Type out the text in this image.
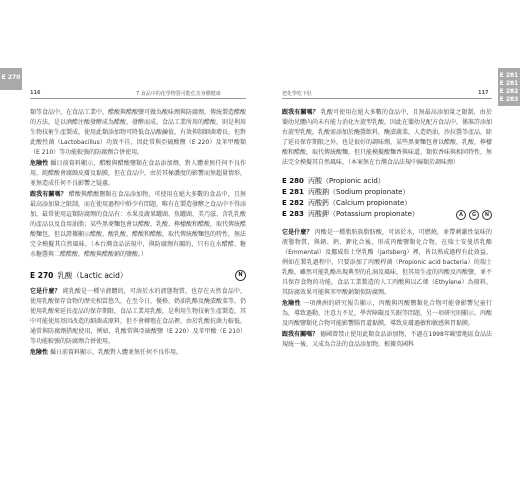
E 270
116	7.食品中的化學物質可能危害身體健康

類等食品中，在食品工業中，醋酸與醋酸鹽可做為酸味劑與防腐劑，傳統製造醋酸的方法，是以酒醋注酸發酵成為醋酸，發酵而成。食品工業所用的醋酸，則是利用生物技術生產製成，使用此類添加物可降低食品酸鹼值，有效抑制細菌增長，但對此酸性菌（Lactobacillus）功效不佳，因此常與亞硫酸鹽（E 220）及苯甲酸類（E 210）等功能較強的防腐劑合併使用。

危險性 攝日前資料顯示，醋酸與醋酸鹽類在食品添加劑，對人體並無任何不良作用，純醋酸會腐蝕皮膚及黏膜，但在食品中，由於其極濃度的影響而無超量情形，並無造成任何不良影響之疑慮。

跟我有關嗎？ 醋酸與醋酸鹽類在食品添加物，可使用在絕大多數的食品中，且無最高添加量之限制，而在使用過程中鮮少有問題，唯有在製造發酵之食品中不得添加，最常使用這類防腐劑的食品有：水果及蔬果罐頭、魚罐頭、美乃滋、含乳乳酸的產品以及食用油脂；某些黑麥麵包會以醋酸、乳酸、檸檬酸和醋酸，取代傳統醋酸麵包，但以證據顯示醋酸、酸乳酸，醋酸和醋酸，取代傳統酸麵包的特性，無法完全模擬其自然風味。（本台灣食品法規中，與防腐劑有關的，只有在水醋醋、糖水糖醬與二醋醋酸、醋酸與醋酸鈉的鹽酸。）

E 270 乳酸（Lactic acid）	N

它是什麼？ 純乳酸是一種呈液體的，可溶於水的液態物質，也存在天然食品中，使用乳酸保存食物的歷史相當悠久，在至今日，優格、奶油乳酪及醃漬酸菜等，仍使用乳酸來延長產品的保存期限，食品工業用乳酸，是利用生物技術生產製造，其中可能使用基因改造的細菌或原料，但不會轉殖在食品裡，由於乳酸抗菌力較低，通常與防腐劑搭配使用，例如，乳酸常與亞硫酸鹽（E 220）及苯甲酸（E 210）等功能較強的防腐劑合併使用。

危險性 攝日前資料顯示，乳酸對人體並無任何不良作用。

E 281
E 281
E 282
E 283
把化學吃下肚	117

跟我有關嗎？ 乳酸可使用在絕大多數的食品中，且無最高添加量之限制，由於嬰幼兒體內尚未有能力消化左旋型乳酸，因此在嬰幼兒配方食品中，僅准許添加右旋型乳酸，乳酸需添加於醃醬飲料，醃漬蔬菜，人造奶油，沙拉醬等產品，除了延長保存期限之外，也是很好的調味劑，某些黑麥麵包會以醋酸，乳酸，檸檬酸和醋酸，取代傳統酸麵，但只能模擬酸麵香與味道，類似香味與相同特性，無法完全模擬其自然風味，（本案無在台灣食品法規中歸類於調味劑）

E 280 丙酸（Propionic acid）
E 281 丙酸鈉（Sodium propionate）
E 282 丙酸鈣（Calcium propionate）
E 283 丙酸鉀（Potassium propionate）	A	G	N

它是什麼？ 丙酸是一種脂肪族脂肪酸，可溶於水，可燃燒，並帶刺激性氣味的液態物質，與鈉、鈣、鉀化合後，形成丙酸鹽類化合物，在瑞士安曼塔乳酪（Emmental）及挪威詹士堡乳酪（Jarlsberg）裡，皆以熟成過程有此效益，例如在製乳過程中，只要添加了丙酸桿菌（Propionic acid bacteria）的瑞士乳酪，雖然可能乳酪出現典型的孔洞及風味，但其用生產的丙酸及丙酸鹽，並不具保存食物的功能，食品工業製造的人工丙酸與以乙烯（Ethylene）為原料，其防腐效果可能與苯甲酸鈉類似防腐劑。

危險性 一項澳洲的研究報告顯示，丙酸與丙酸鹽類化合物可能會影響兒童行為，導致過動，注意力不足，學習障礙及失眠等問題，另一項研究則顯示，丙酸及丙酸鹽類化合物可能影響腸胃道黏膜，導致皮膚過敏和敏感與胃黏膜。

跟我有關嗎？ 德國曾禁止使用此類食品添加物，不過在1998年歐盟地區食品法規統一後，又成為合法的食品添加物，根據英國科
